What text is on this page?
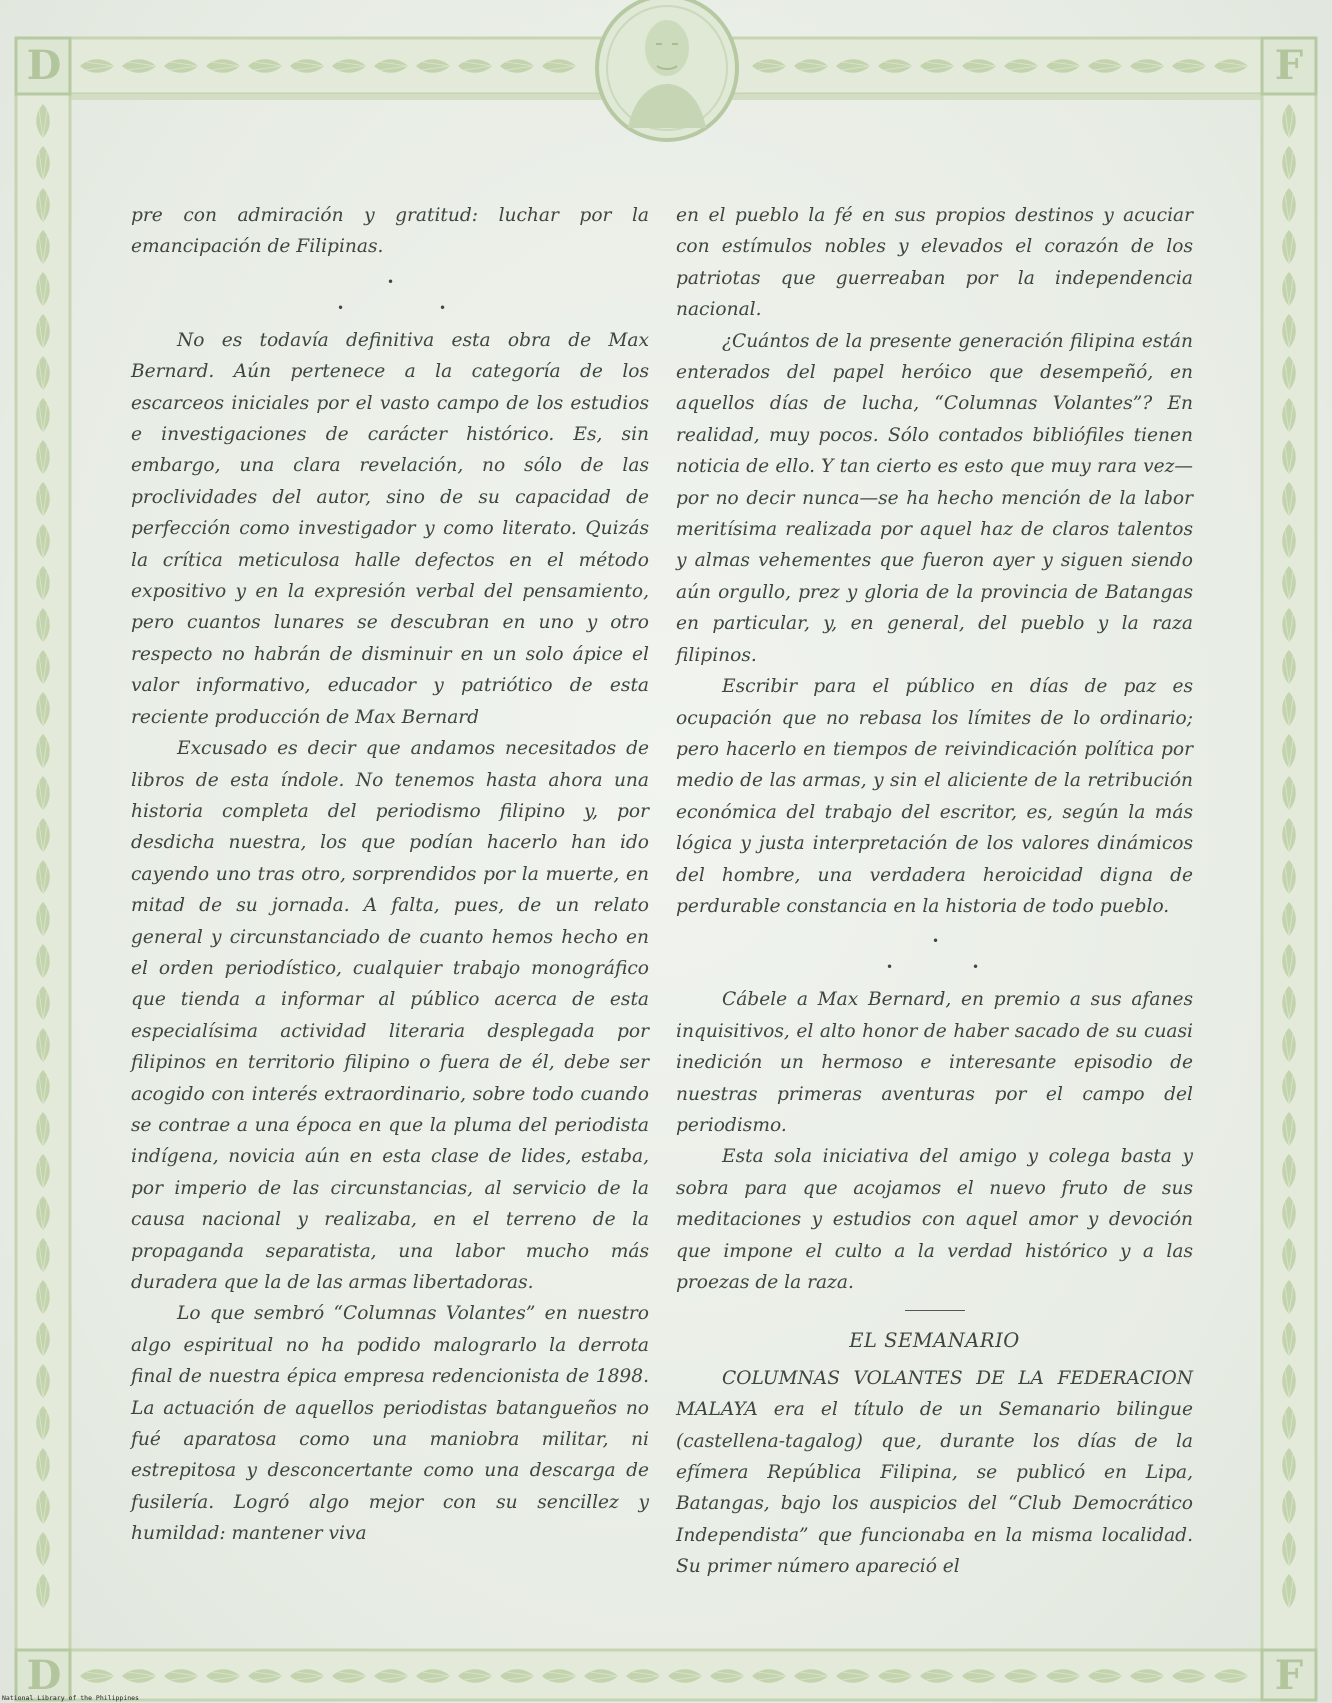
D	F
D	F

pre con admiración y gratitud: luchar por la emancipación de Filipinas.

•
•	•

No es todavía definitiva esta obra de Max Bernard. Aún pertenece a la categoría de los escarceos iniciales por el vasto campo de los estudios e investigaciones de carácter histórico. Es, sin embargo, una clara revelación, no sólo de las proclividades del autor, sino de su capacidad de perfección como investigador y como literato. Quizás la crítica meticulosa halle defectos en el método expositivo y en la expresión verbal del pensamiento, pero cuantos lunares se descubran en uno y otro respecto no habrán de disminuir en un solo ápice el valor informativo, educador y patriótico de esta reciente producción de Max Bernard

Excusado es decir que andamos necesitados de libros de esta índole. No tenemos hasta ahora una historia completa del periodismo filipino y, por desdicha nuestra, los que podían hacerlo han ido cayendo uno tras otro, sorprendidos por la muerte, en mitad de su jornada. A falta, pues, de un relato general y circunstanciado de cuanto hemos hecho en el orden periodístico, cualquier trabajo monográfico que tienda a informar al público acerca de esta especialísima actividad literaria desplegada por filipinos en territorio filipino o fuera de él, debe ser acogido con interés extraordinario, sobre todo cuando se contrae a una época en que la pluma del periodista indígena, novicia aún en esta clase de lides, estaba, por imperio de las circunstancias, al servicio de la causa nacional y realizaba, en el terreno de la propaganda separatista, una labor mucho más duradera que la de las armas libertadoras.

Lo que sembró “Columnas Volantes” en nuestro algo espiritual no ha podido malograrlo la derrota final de nuestra épica empresa redencionista de 1898. La actuación de aquellos periodistas batangueños no fué aparatosa como una maniobra militar, ni estrepitosa y desconcertante como una descarga de fusilería. Logró algo mejor con su sencillez y humildad: mantener viva

en el pueblo la fé en sus propios destinos y acuciar con estímulos nobles y elevados el corazón de los patriotas que guerreaban por la independencia nacional.

¿Cuántos de la presente generación filipina están enterados del papel heróico que desempeñó, en aquellos días de lucha, “Columnas Volantes”? En realidad, muy pocos. Sólo contados bibliófiles tienen noticia de ello. Y tan cierto es esto que muy rara vez—por no decir nunca—se ha hecho mención de la labor meritísima realizada por aquel haz de claros talentos y almas vehementes que fueron ayer y siguen siendo aún orgullo, prez y gloria de la provincia de Batangas en particular, y, en general, del pueblo y la raza filipinos.

Escribir para el público en días de paz es ocupación que no rebasa los límites de lo ordinario; pero hacerlo en tiempos de reivindicación política por medio de las armas, y sin el aliciente de la retribución económica del trabajo del escritor, es, según la más lógica y justa interpretación de los valores dinámicos del hombre, una verdadera heroicidad digna de perdurable constancia en la historia de todo pueblo.

•
•	•

Cábele a Max Bernard, en premio a sus afanes inquisitivos, el alto honor de haber sacado de su cuasi inedición un hermoso e interesante episodio de nuestras primeras aventuras por el campo del periodismo.

Esta sola iniciativa del amigo y colega basta y sobra para que acojamos el nuevo fruto de sus meditaciones y estudios con aquel amor y devoción que impone el culto a la verdad histórico y a las proezas de la raza.

EL SEMANARIO

COLUMNAS VOLANTES DE LA FEDERACION MALAYA era el título de un Semanario bilingue (castellena-tagalog) que, durante los días de la efímera República Filipina, se publicó en Lipa, Batangas, bajo los auspicios del “Club Democrático Independista” que funcionaba en la misma localidad. Su primer número apareció el

National Library of the Philippines
